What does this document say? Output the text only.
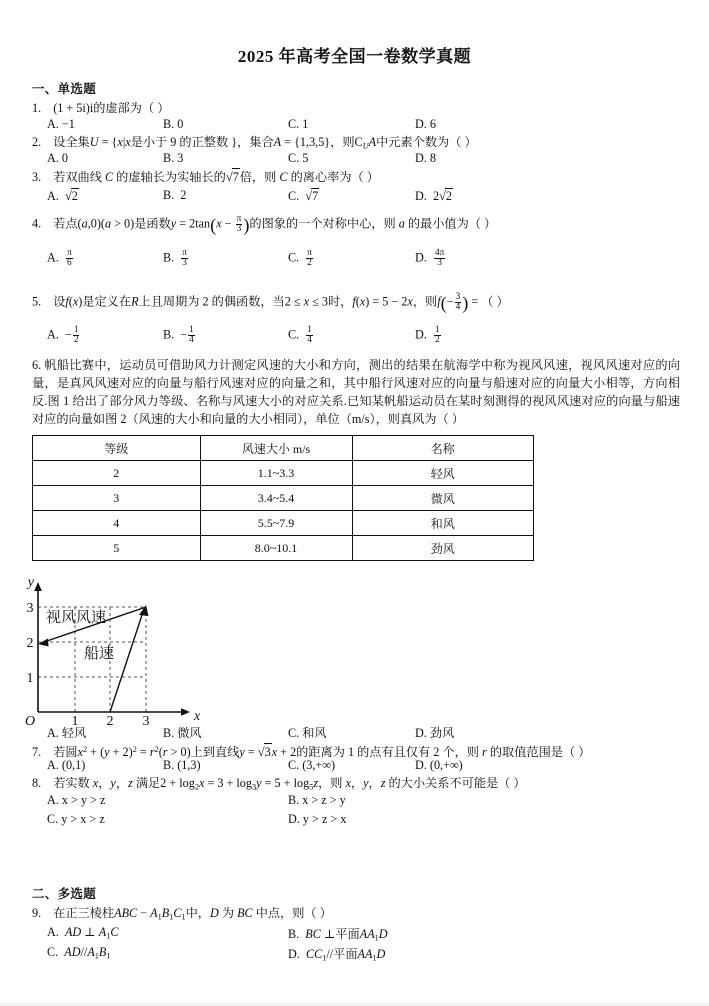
2025 年高考全国一卷数学真题
一、单选题
1. (1 + 5i)i的虚部为（ ）
A. −1	B. 0	C. 1	D. 6
2. 设全集U = {x|x是小于 9 的正整数 }，集合A = {1,3,5}，则$C_UA$中元素个数为（ ）
A. 0	B. 3	C. 5	D. 8
3. 若双曲线 C 的虚轴长为实轴长的√7倍，则 C 的离心率为（ ）
A.  √2	B.  2	C.  √7	D.  2√2
4. 若点(a,0)(a > 0)是函数$y = 2\tan(x - \frac{\pi}{3}$ )的图象的一个对称中心，则 a 的最小值为（ ）
A. $\frac{\pi}{6}$	B. $\frac{\pi}{3}$	C. $\frac{\pi}{2}$	D. $\frac{4\pi}{3}$
5. 设f(x)是定义在R上且周期为 2 的偶函数，当2 ≤ x ≤ 3时，f(x) = 5 − 2x，则$f(- \frac{3}{4}$ ) = （ ）
A.  − $\frac{1}{2}$	B.  − $\frac{1}{4}$	C. $\frac{1}{4}$	D. $\frac{1}{2}$
6. 帆船比赛中，运动员可借助风力计测定风速的大小和方向，测出的结果在航海学中称为视风风速，视风风速对应的向量，是真风风速对应的向量与船行风速对应的向量之和，其中船行风速对应的向量与船速对应的向量大小相等，方向相反.图 1 给出了部分风力等级、名称与风速大小的对应关系.已知某帆船运动员在某时刻测得的视风风速对应的向量与船速对应的向量如图 2（风速的大小和向量的大小相同），单位（m/s），则真风为（ ）
等级	风速大小 m/s	名称
2	1.1~3.3	轻风
3	3.4~5.4	微风
4	5.5~7.9	和风
5	8.0~10.1	劲风
y
x
O
3
2
1
1 2 3
视风风速
船速
A. 轻风	B. 微风	C. 和风	D. 劲风
7. 若圆$x^2 + (y + 2)^2 = r^2(r > 0)$上到直线y = √3x + 2的距离为 1 的点有且仅有 2 个，则 r 的取值范围是（ ）
A. (0,1)	B. (1,3)	C. (3,+∞)	D. (0,+∞)
8. 若实数 x，y，z 满足$2 + \log_2x = 3 + \log_3y = 5 + \log_5z$，则 x，y，z 的大小关系不可能是（ ）
A. x > y > z	B. x > z > y
C. y > x > z	D. y > z > x
二、多选题
9. 在正三棱柱ABC − $A_1B_1C_1$中，D 为 BC 中点，则（ ）
A.  AD ⊥ $A_1C$	B.  BC ⊥平面$AA_1D$
C.  $AD//A_1B_1$	D.  $CC_1//$平面$AA_1D$
